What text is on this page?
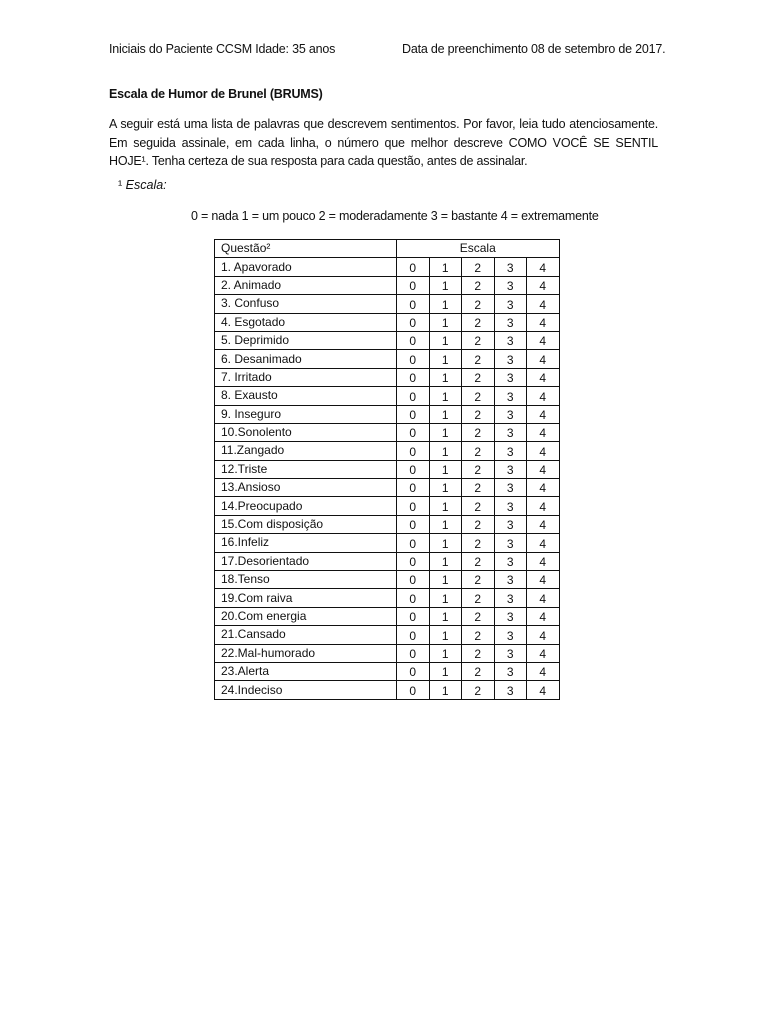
Iniciais do Paciente CCSM Idade: 35 anos	Data de preenchimento 08 de setembro de 2017.
Escala de Humor de Brunel (BRUMS)
A seguir está uma lista de palavras que descrevem sentimentos. Por favor, leia tudo atenciosamente. Em seguida assinale, em cada linha, o número que melhor descreve COMO VOCÊ SE SENTIL HOJE¹. Tenha certeza de sua resposta para cada questão, antes de assinalar.
¹ Escala:
0 = nada 1 = um pouco 2 = moderadamente 3 = bastante 4 = extremamente
Questão²	Escala				
1. Apavorado	0	1	2	3	4
2. Animado	0	1	2	3	4
3. Confuso	0	1	2	3	4
4. Esgotado	0	1	2	3	4
5. Deprimido	0	1	2	3	4
6. Desanimado	0	1	2	3	4
7. Irritado	0	1	2	3	4
8. Exausto	0	1	2	3	4
9. Inseguro	0	1	2	3	4
10.Sonolento	0	1	2	3	4
11.Zangado	0	1	2	3	4
12.Triste	0	1	2	3	4
13.Ansioso	0	1	2	3	4
14.Preocupado	0	1	2	3	4
15.Com disposição	0	1	2	3	4
16.Infeliz	0	1	2	3	4
17.Desorientado	0	1	2	3	4
18.Tenso	0	1	2	3	4
19.Com raiva	0	1	2	3	4
20.Com energia	0	1	2	3	4
21.Cansado	0	1	2	3	4
22.Mal-humorado	0	1	2	3	4
23.Alerta	0	1	2	3	4
24.Indeciso	0	1	2	3	4
